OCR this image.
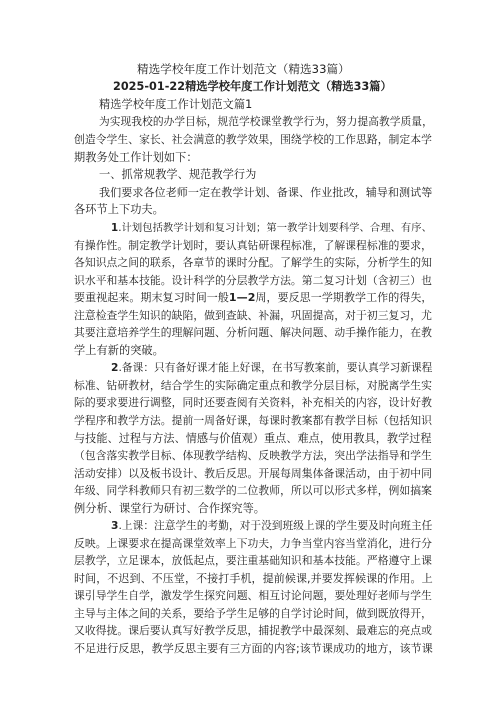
精选学校年度工作计划范文（精选33篇）
2025-01-22精选学校年度工作计划范文（精选33篇）
精选学校年度工作计划范文篇1
为实现我校的办学目标，规范学校课堂教学行为，努力提高教学质量，
创造令学生、家长、社会满意的教学效果，围绕学校的工作思路，制定本学
期教务处工作计划如下：
一、抓常规教学、规范教学行为
我们要求各位老师一定在教学计划、备课、作业批改，辅导和测试等
各环节上下功夫。
1.计划包括教学计划和复习计划；第一教学计划要科学、合理、有序、
有操作性。制定教学计划时，要认真钻研课程标准，了解课程标准的要求，
各知识点之间的联系，各章节的课时分配。了解学生的实际，分析学生的知
识水平和基本技能。设计科学的分层教学方法。第二复习计划（含初三）也
要重视起来。期末复习时间一般1—2周，要反思一学期教学工作的得失，
注意检查学生知识的缺陷，做到查缺、补漏，巩固提高，对于初三复习，尤
其要注意培养学生的理解问题、分析问题、解决问题、动手操作能力，在教
学上有新的突破。
2.备课：只有备好课才能上好课，在书写教案前，要认真学习新课程
标准、钻研教材，结合学生的实际确定重点和教学分层目标，对脱离学生实
际的要求要进行调整，同时还要查阅有关资料，补充相关的内容，设计好教
学程序和教学方法。提前一周备好课，每课时教案都有教学目标（包括知识
与技能、过程与方法、情感与价值观）重点、难点，使用教具，教学过程
（包含落实教学目标、体现教学结构、反映教学方法，突出学法指导和学生
活动安排）以及板书设计、教后反思。开展每周集体备课活动，由于初中同
年级、同学科教师只有初三数学的二位教师，所以可以形式多样，例如搞案
例分析、课堂行为研讨、合作探究等。
3.上课：注意学生的考勤，对于没到班级上课的学生要及时向班主任
反映。上课要求在提高课堂效率上下功夫，力争当堂内容当堂消化，进行分
层教学，立足课本，放低起点，要注重基础知识和基本技能。严格遵守上课
时间，不迟到、不压堂，不接打手机，提前候课,并要发挥候课的作用。上
课引导学生自学，激发学生探究问题、相互讨论问题，要处理好老师与学生
主导与主体之间的关系，要给予学生足够的自学讨论时间，做到既放得开，
又收得拢。课后要认真写好教学反思，捕捉教学中最深刻、最难忘的亮点或
不足进行反思，教学反思主要有三方面的内容;该节课成功的地方，该节课
